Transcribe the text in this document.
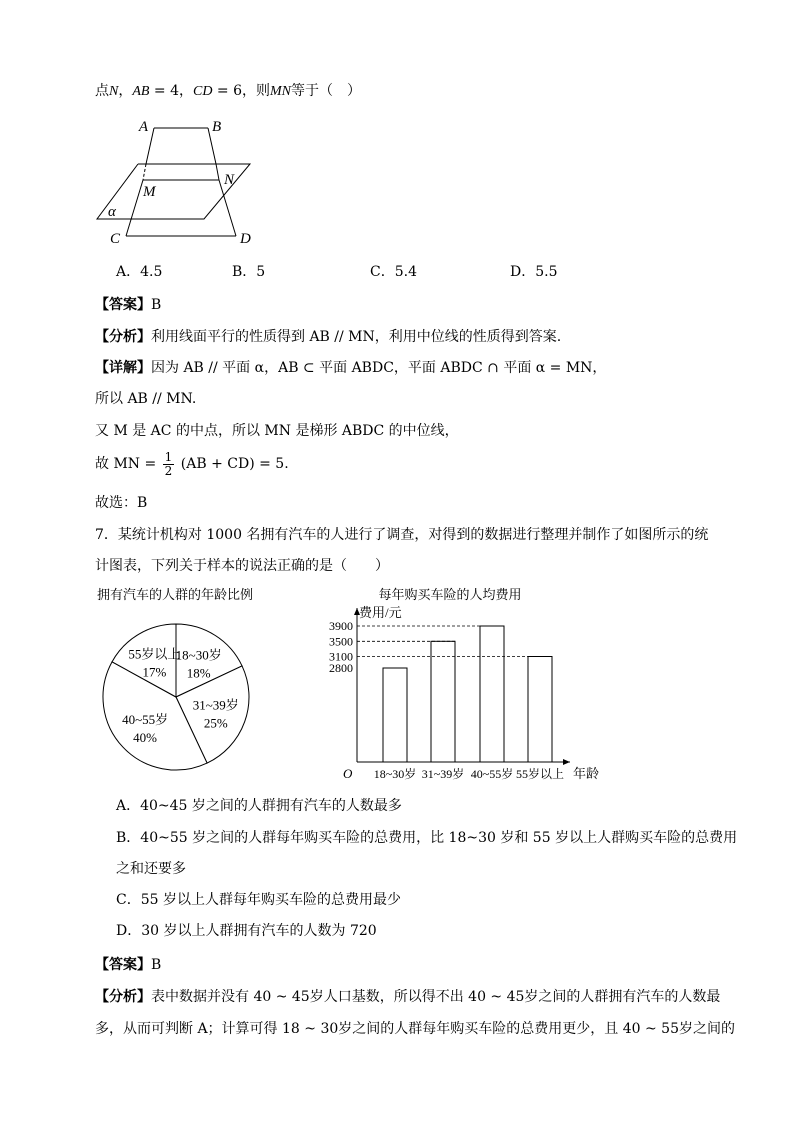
点N，AB = 4，CD = 6，则MN等于（　）
A	B
M
N
α
C	D
A．4.5	B．5	C．5.4	D．5.5
【答案】B
【分析】利用线面平行的性质得到 AB // MN，利用中位线的性质得到答案.
【详解】因为 AB // 平面 α，AB ⊂ 平面 ABDC，平面 ABDC ∩ 平面 α = MN，
所以 AB // MN.
又 M 是 AC 的中点，所以 MN 是梯形 ABDC 的中位线，
故 MN = $\frac{1}{2} (AB + CD) = 5$.
故选：B
7．某统计机构对 1000 名拥有汽车的人进行了调查，对得到的数据进行整理并制作了如图所示的统
计图表，下列关于样本的说法正确的是（　　）
拥有汽车的人群的年龄比例
18~30岁
18%
31~39岁
25%
40~55岁
40%
55岁以上
17%
每年购买车险的人均费用
费用/元
年龄
O
3900
3500
3100
2800
18~30岁 31~39岁 40~55岁 55岁以上
A．40~45 岁之间的人群拥有汽车的人数最多
B．40~55 岁之间的人群每年购买车险的总费用，比 18~30 岁和 55 岁以上人群购买车险的总费用
之和还要多
C．55 岁以上人群每年购买车险的总费用最少
D．30 岁以上人群拥有汽车的人数为 720
【答案】B
【分析】表中数据并没有 40 ~ 45岁人口基数，所以得不出 40 ~ 45岁之间的人群拥有汽车的人数最
多，从而可判断 A；计算可得 18 ~ 30岁之间的人群每年购买车险的总费用更少，且 40 ~ 55岁之间的
